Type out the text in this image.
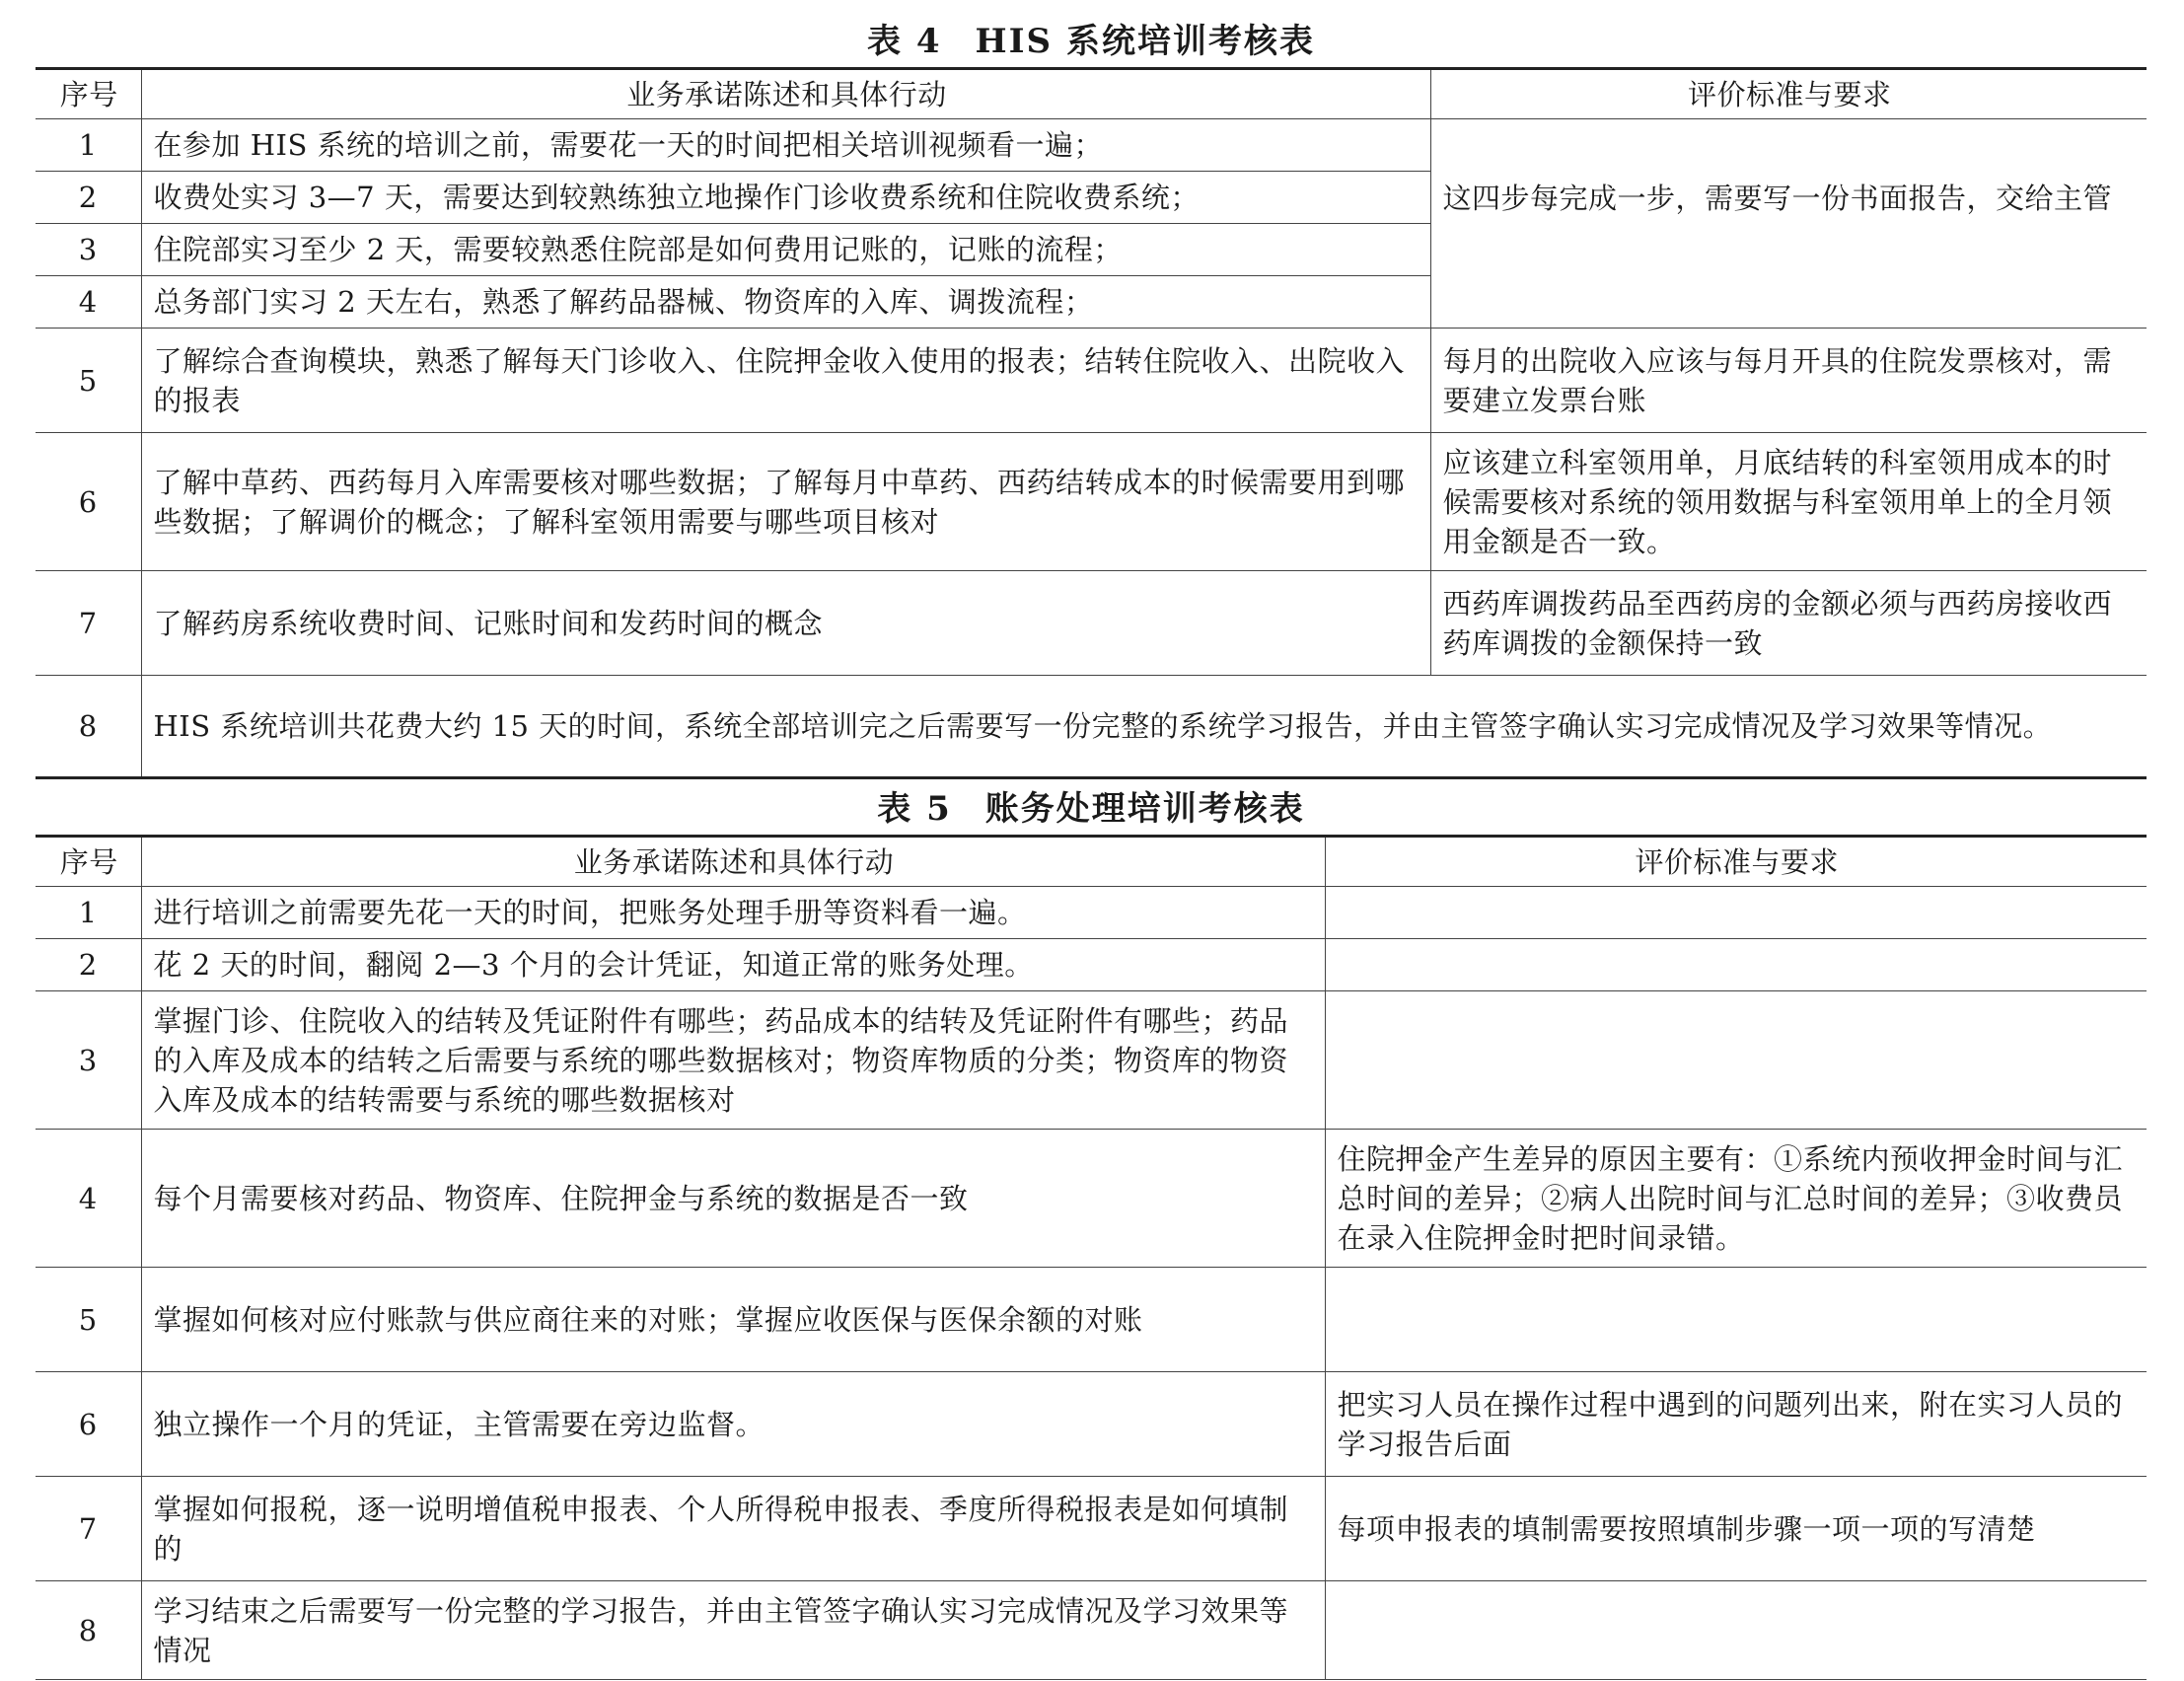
表 4 HIS 系统培训考核表
序号	业务承诺陈述和具体行动	评价标准与要求
1	在参加 HIS 系统的培训之前，需要花一天的时间把相关培训视频看一遍；	这四步每完成一步，需要写一份书面报告，交给主管
2	收费处实习 3—7 天，需要达到较熟练独立地操作门诊收费系统和住院收费系统；	
3	住院部实习至少 2 天，需要较熟悉住院部是如何费用记账的，记账的流程；	
4	总务部门实习 2 天左右，熟悉了解药品器械、物资库的入库、调拨流程；	
5	了解综合查询模块，熟悉了解每天门诊收入、住院押金收入使用的报表；结转住院收入、出院收入的报表	每月的出院收入应该与每月开具的住院发票核对，需要建立发票台账
6	了解中草药、西药每月入库需要核对哪些数据；了解每月中草药、西药结转成本的时候需要用到哪些数据；了解调价的概念；了解科室领用需要与哪些项目核对	应该建立科室领用单，月底结转的科室领用成本的时候需要核对系统的领用数据与科室领用单上的全月领用金额是否一致。
7	了解药房系统收费时间、记账时间和发药时间的概念	西药库调拨药品至西药房的金额必须与西药房接收西药库调拨的金额保持一致
8	HIS 系统培训共花费大约 15 天的时间，系统全部培训完之后需要写一份完整的系统学习报告，并由主管签字确认实习完成情况及学习效果等情况。	
表 5 账务处理培训考核表
序号	业务承诺陈述和具体行动	评价标准与要求
1	进行培训之前需要先花一天的时间，把账务处理手册等资料看一遍。	
2	花 2 天的时间，翻阅 2—3 个月的会计凭证，知道正常的账务处理。	
3	掌握门诊、住院收入的结转及凭证附件有哪些；药品成本的结转及凭证附件有哪些；药品的入库及成本的结转之后需要与系统的哪些数据核对；物资库物质的分类；物资库的物资入库及成本的结转需要与系统的哪些数据核对	
4	每个月需要核对药品、物资库、住院押金与系统的数据是否一致	住院押金产生差异的原因主要有：①系统内预收押金时间与汇总时间的差异；②病人出院时间与汇总时间的差异；③收费员在录入住院押金时把时间录错。
5	掌握如何核对应付账款与供应商往来的对账；掌握应收医保与医保余额的对账	
6	独立操作一个月的凭证，主管需要在旁边监督。	把实习人员在操作过程中遇到的问题列出来，附在实习人员的学习报告后面
7	掌握如何报税，逐一说明增值税申报表、个人所得税申报表、季度所得税报表是如何填制的	每项申报表的填制需要按照填制步骤一项一项的写清楚
8	学习结束之后需要写一份完整的学习报告，并由主管签字确认实习完成情况及学习效果等情况	
